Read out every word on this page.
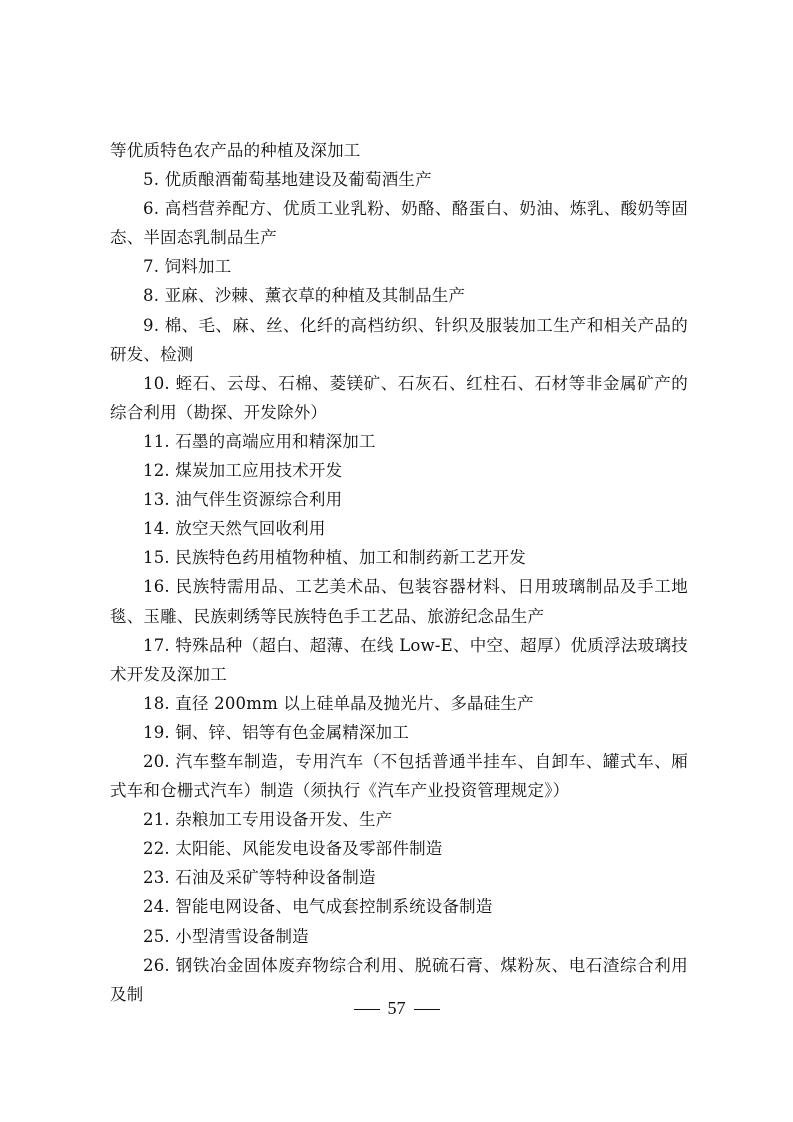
等优质特色农产品的种植及深加工

5. 优质酿酒葡萄基地建设及葡萄酒生产

6. 高档营养配方、优质工业乳粉、奶酪、酪蛋白、奶油、炼乳、酸奶等固态、半固态乳制品生产

7. 饲料加工

8. 亚麻、沙棘、薰衣草的种植及其制品生产

9. 棉、毛、麻、丝、化纤的高档纺织、针织及服装加工生产和相关产品的研发、检测

10. 蛭石、云母、石棉、菱镁矿、石灰石、红柱石、石材等非金属矿产的综合利用（勘探、开发除外）

11. 石墨的高端应用和精深加工

12. 煤炭加工应用技术开发

13. 油气伴生资源综合利用

14. 放空天然气回收利用

15. 民族特色药用植物种植、加工和制药新工艺开发

16. 民族特需用品、工艺美术品、包装容器材料、日用玻璃制品及手工地毯、玉雕、民族刺绣等民族特色手工艺品、旅游纪念品生产

17. 特殊品种（超白、超薄、在线 Low-E、中空、超厚）优质浮法玻璃技术开发及深加工

18. 直径 200mm 以上硅单晶及抛光片、多晶硅生产

19. 铜、锌、铝等有色金属精深加工

20. 汽车整车制造，专用汽车（不包括普通半挂车、自卸车、罐式车、厢式车和仓栅式汽车）制造（须执行《汽车产业投资管理规定》）

21. 杂粮加工专用设备开发、生产

22. 太阳能、风能发电设备及零部件制造

23. 石油及采矿等特种设备制造

24. 智能电网设备、电气成套控制系统设备制造

25. 小型清雪设备制造

26. 钢铁冶金固体废弃物综合利用、脱硫石膏、煤粉灰、电石渣综合利用及制

57
